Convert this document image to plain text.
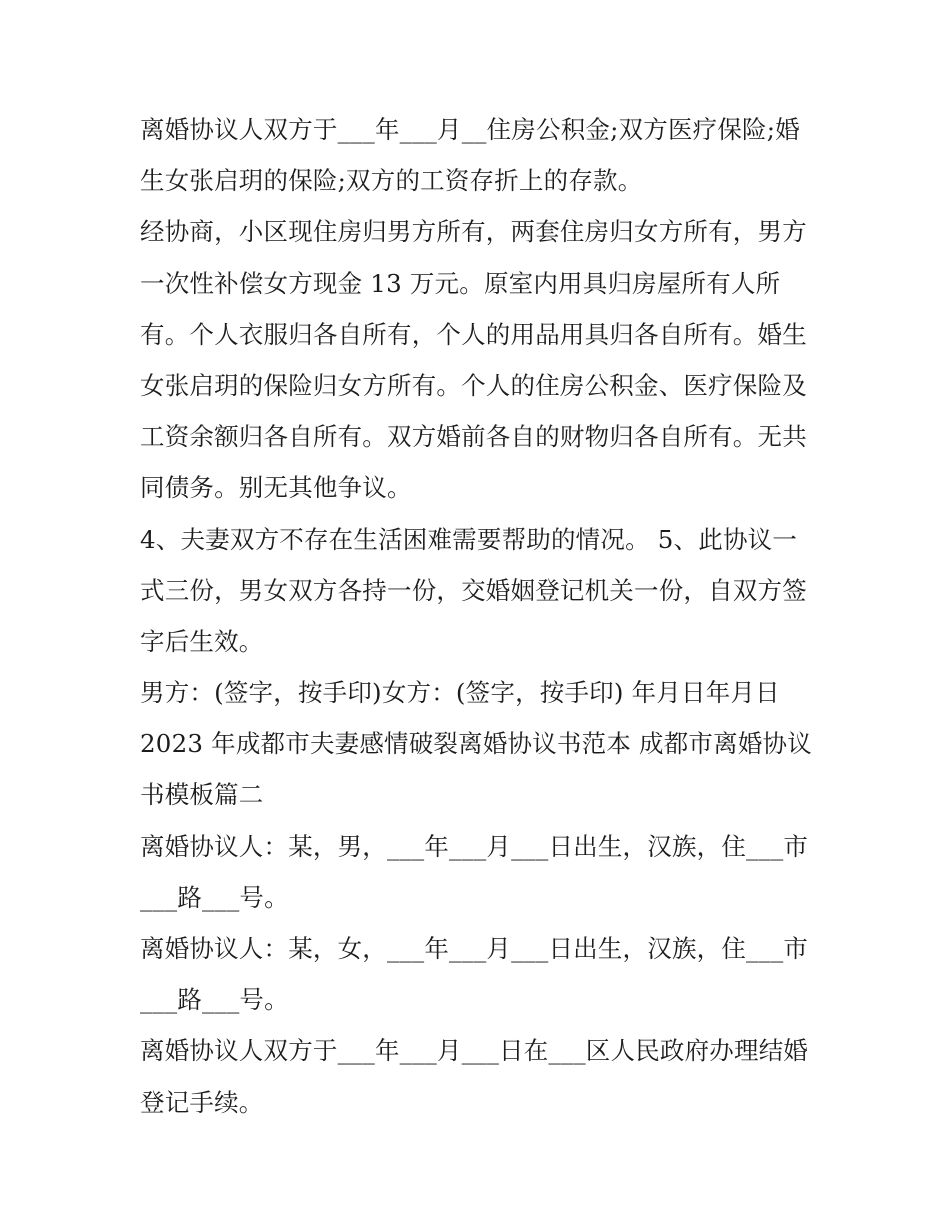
离婚协议人双方于___年___月__住房公积金;双方医疗保险;婚
生女张启玥的保险;双方的工资存折上的存款。
经协商，小区现住房归男方所有，两套住房归女方所有，男方
一次性补偿女方现金 13 万元。原室内用具归房屋所有人所
有。个人衣服归各自所有，个人的用品用具归各自所有。婚生
女张启玥的保险归女方所有。个人的住房公积金、医疗保险及
工资余额归各自所有。双方婚前各自的财物归各自所有。无共
同债务。别无其他争议。
4、夫妻双方不存在生活困难需要帮助的情况。 5、此协议一
式三份，男女双方各持一份，交婚姻登记机关一份，自双方签
字后生效。
男方：(签字，按手印)女方：(签字，按手印) 年月日年月日
2023 年成都市夫妻感情破裂离婚协议书范本 成都市离婚协议
书模板篇二
离婚协议人：某，男，___年___月___日出生，汉族，住___市
___路___号。
离婚协议人：某，女，___年___月___日出生，汉族，住___市
___路___号。
离婚协议人双方于___年___月___日在___区人民政府办理结婚
登记手续。
